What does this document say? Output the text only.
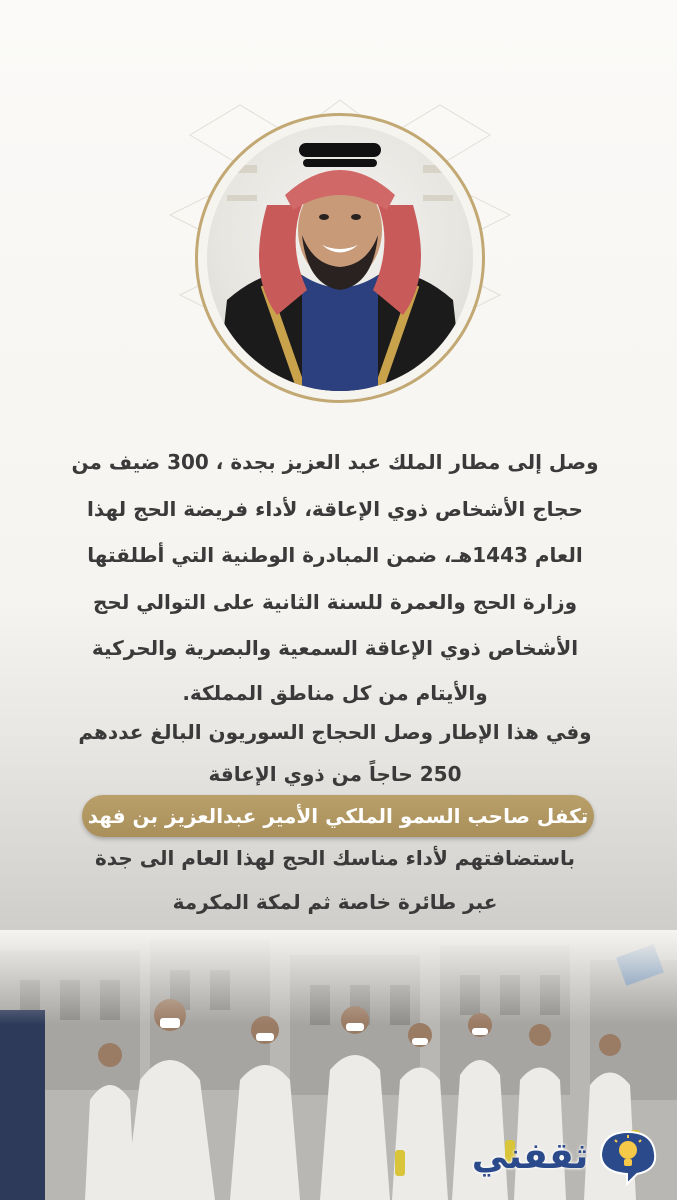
وصل إلى مطار الملك عبد العزيز بجدة ، 300 ضيف من
حجاج الأشخاص ذوي الإعاقة، لأداء فريضة الحج لهذا
العام 1443هـ، ضمن المبادرة الوطنية التي أطلقتها
وزارة الحج والعمرة للسنة الثانية على التوالي لحج
الأشخاص ذوي الإعاقة السمعية والبصرية والحركية
والأيتام من كل مناطق المملكة.
وفي هذا الإطار وصل الحجاج السوريون البالغ عددهم
250 حاجاً من ذوي الإعاقة
تكفل صاحب السمو الملكي الأمير عبدالعزيز بن فهد
باستضافتهم لأداء مناسك الحج لهذا العام الى جدة
عبر طائرة خاصة ثم لمكة المكرمة
ثقفني
